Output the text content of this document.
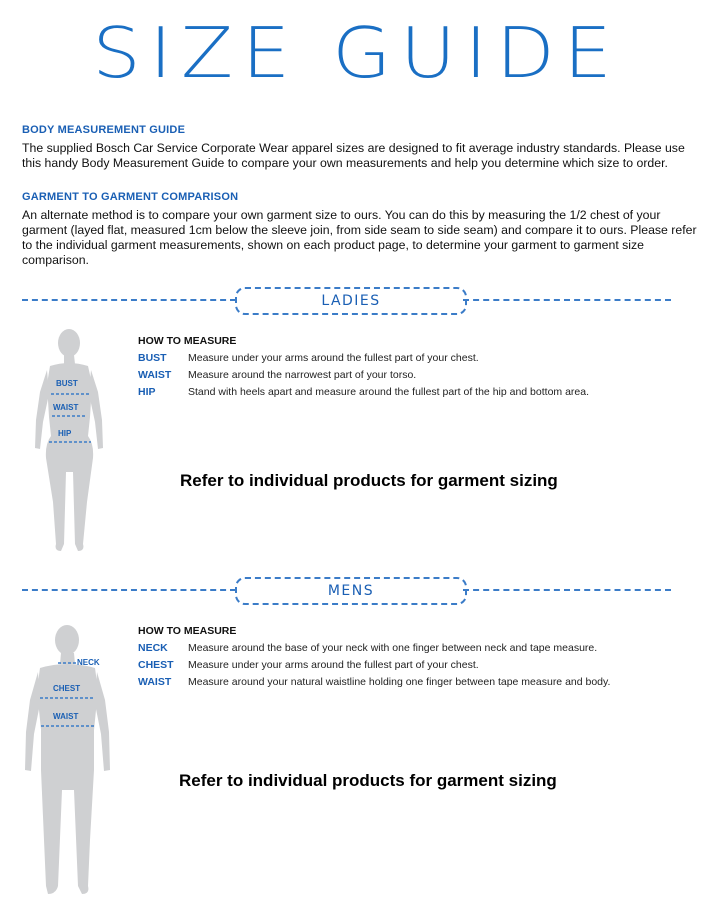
SIZE GUIDE
BODY MEASUREMENT GUIDE
The supplied Bosch Car Service Corporate Wear apparel sizes are designed to fit average industry standards. Please use this handy Body Measurement Guide to compare your own measurements and help you determine which size to order.
GARMENT TO GARMENT COMPARISON
An alternate method is to compare your own garment size to ours. You can do this by measuring the 1/2 chest of your garment (layed flat, measured 1cm below the sleeve join, from side seam to side seam) and compare it to ours. Please refer to the individual garment measurements, shown on each product page, to determine your garment to garment size comparison.
LADIES
BUST
WAIST
HIP
HOW TO MEASURE
BUST Measure under your arms around the fullest part of your chest.
WAIST Measure around the narrowest part of your torso.
HIP	Stand with heels apart and measure around the fullest part of the hip and bottom area.
Refer to individual products for garment sizing
MENS
NECK
CHEST
WAIST
HOW TO MEASURE
NECK Measure around the base of your neck with one finger between neck and tape measure.
CHEST Measure under your arms around the fullest part of your chest.
WAIST Measure around your natural waistline holding one finger between tape measure and body.
Refer to individual products for garment sizing
